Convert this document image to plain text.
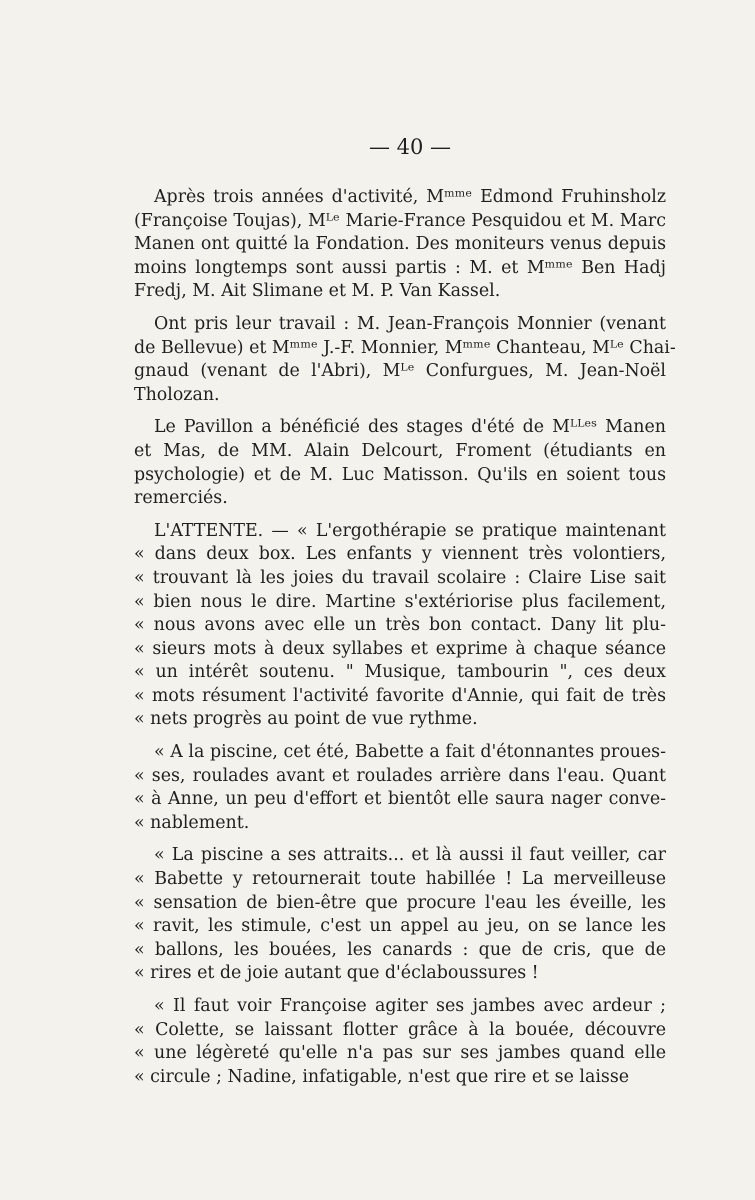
— 40 —
Après trois années d'activité, Mᵐᵐᵉ Edmond Fruhinsholz
(Françoise Toujas), Mᴸᵉ Marie-France Pesquidou et M. Marc
Manen ont quitté la Fondation. Des moniteurs venus depuis
moins longtemps sont aussi partis : M. et Mᵐᵐᵉ Ben Hadj
Fredj, M. Ait Slimane et M. P. Van Kassel.
Ont pris leur travail : M. Jean-François Monnier (venant
de Bellevue) et Mᵐᵐᵉ J.-F. Monnier, Mᵐᵐᵉ Chanteau, Mᴸᵉ Chai-
gnaud (venant de l'Abri), Mᴸᵉ Confurgues, M. Jean-Noël
Tholozan.
Le Pavillon a bénéficié des stages d'été de Mᴸᴸᵉˢ Manen
et Mas, de MM. Alain Delcourt, Froment (étudiants en
psychologie) et de M. Luc Matisson. Qu'ils en soient tous
remerciés.
L'ATTENTE. — « L'ergothérapie se pratique maintenant
« dans deux box. Les enfants y viennent très volontiers,
« trouvant là les joies du travail scolaire : Claire Lise sait
« bien nous le dire. Martine s'extériorise plus facilement,
« nous avons avec elle un très bon contact. Dany lit plu-
« sieurs mots à deux syllabes et exprime à chaque séance
« un intérêt soutenu. " Musique, tambourin ", ces deux
« mots résument l'activité favorite d'Annie, qui fait de très
« nets progrès au point de vue rythme.
« A la piscine, cet été, Babette a fait d'étonnantes proues-
« ses, roulades avant et roulades arrière dans l'eau. Quant
« à Anne, un peu d'effort et bientôt elle saura nager conve-
« nablement.
« La piscine a ses attraits... et là aussi il faut veiller, car
« Babette y retournerait toute habillée ! La merveilleuse
« sensation de bien-être que procure l'eau les éveille, les
« ravit, les stimule, c'est un appel au jeu, on se lance les
« ballons, les bouées, les canards : que de cris, que de
« rires et de joie autant que d'éclaboussures !
« Il faut voir Françoise agiter ses jambes avec ardeur ;
« Colette, se laissant flotter grâce à la bouée, découvre
« une légèreté qu'elle n'a pas sur ses jambes quand elle
« circule ; Nadine, infatigable, n'est que rire et se laisse
